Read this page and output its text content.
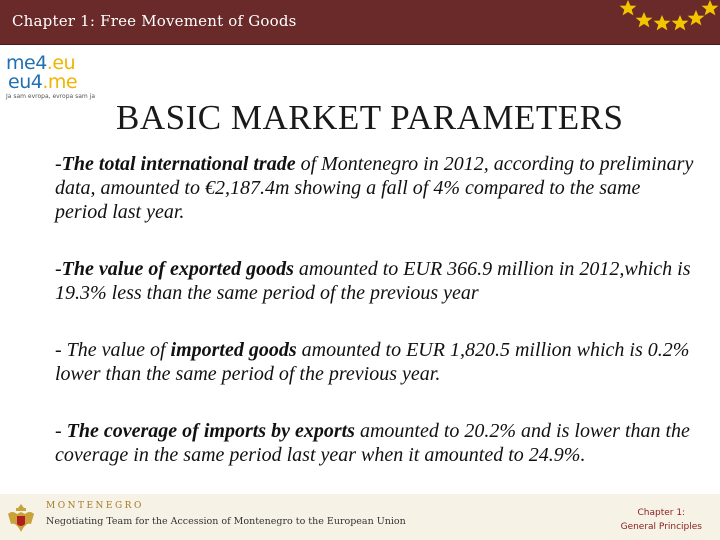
Chapter 1: Free Movement of Goods
me4.eu
eu4.me
Ja sam evropa, evropa sam ja
BASIC MARKET PARAMETERS

-The total international trade of Montenegro in 2012, according to preliminary data, amounted to €2,187.4m showing a fall of 4% compared to the same period last year.

-The value of exported goods amounted to EUR 366.9 million in 2012,which is 19.3% less than the same period of the previous year

- The value of imported goods amounted to EUR 1,820.5 million which is 0.2% lower than the same period of the previous year.

- The coverage of imports by exports amounted to 20.2% and is lower than the coverage in the same period last year when it amounted to 24.9%.

MONTENEGRO
Negotiating Team for the Accession of Montenegro to the European Union
Chapter 1:
General Principles
